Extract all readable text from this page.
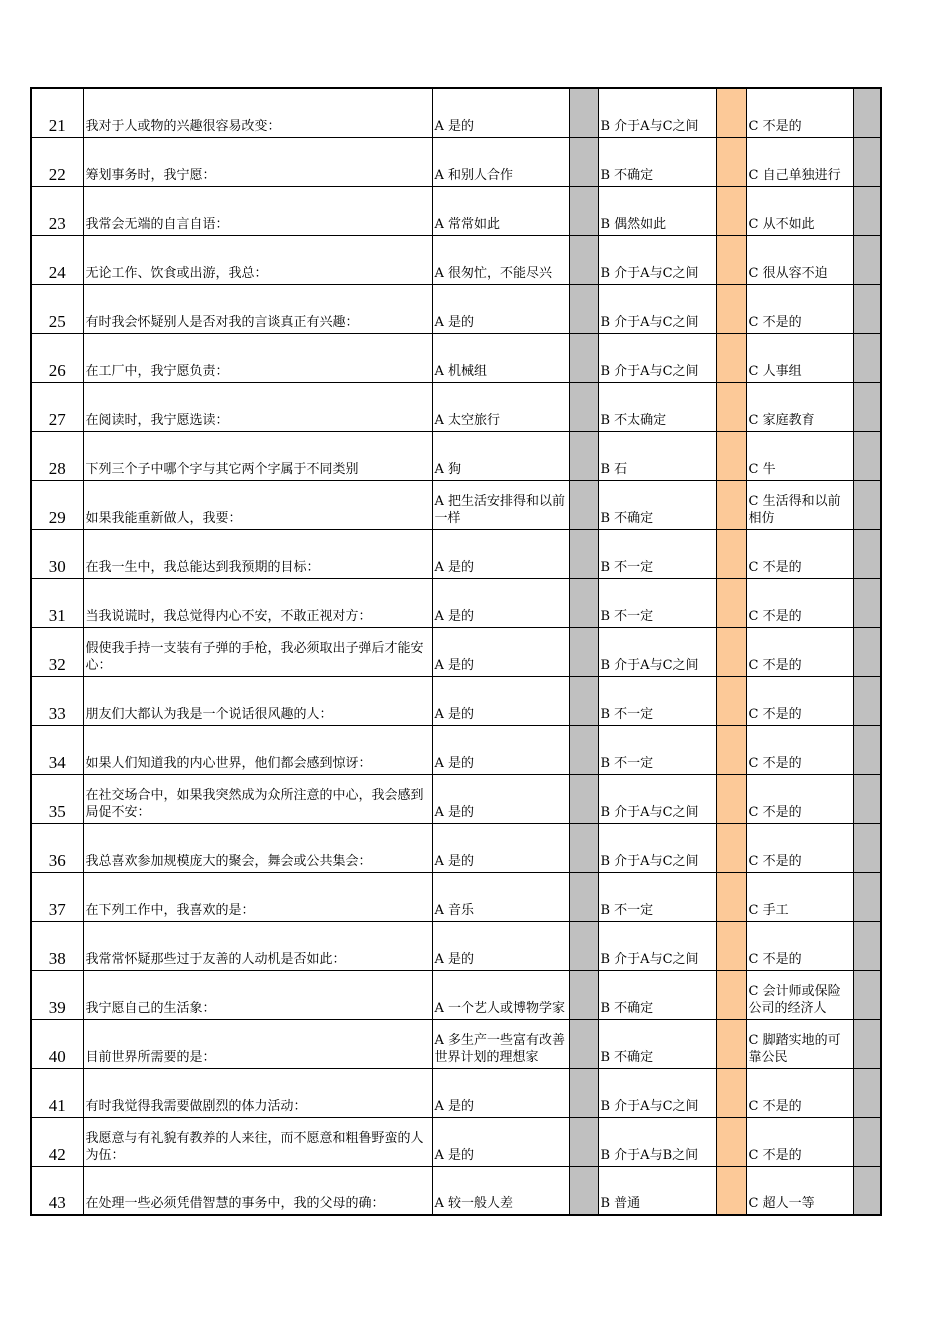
21	我对于人或物的兴趣很容易改变：	A 是的		B 介于A与C之间		C 不是的	
22	筹划事务时，我宁愿：	A 和别人合作		B 不确定		C 自己单独进行	
23	我常会无端的自言自语：	A 常常如此		B 偶然如此		C 从不如此	
24	无论工作、饮食或出游，我总：	A 很匆忙，不能尽兴		B 介于A与C之间		C 很从容不迫	
25	有时我会怀疑别人是否对我的言谈真正有兴趣：	A 是的		B 介于A与C之间		C 不是的	
26	在工厂中，我宁愿负责：	A 机械组		B 介于A与C之间		C 人事组	
27	在阅读时，我宁愿选读：	A 太空旅行		B 不太确定		C 家庭教育	
28	下列三个子中哪个字与其它两个字属于不同类别	A 狗		B 石		C 牛	
29	如果我能重新做人，我要：	A 把生活安排得和以前一样		B 不确定		C 生活得和以前相仿	
30	在我一生中，我总能达到我预期的目标：	A 是的		B 不一定		C 不是的	
31	当我说谎时，我总觉得内心不安，不敢正视对方：	A 是的		B 不一定		C 不是的	
32	假使我手持一支装有子弹的手枪，我必须取出子弹后才能安心：	A 是的		B 介于A与C之间		C 不是的	
33	朋友们大都认为我是一个说话很风趣的人：	A 是的		B 不一定		C 不是的	
34	如果人们知道我的内心世界，他们都会感到惊讶：	A 是的		B 不一定		C 不是的	
35	在社交场合中，如果我突然成为众所注意的中心，我会感到局促不安：	A 是的		B 介于A与C之间		C 不是的	
36	我总喜欢参加规模庞大的聚会，舞会或公共集会：	A 是的		B 介于A与C之间		C 不是的	
37	在下列工作中，我喜欢的是：	A 音乐		B 不一定		C 手工	
38	我常常怀疑那些过于友善的人动机是否如此：	A 是的		B 介于A与C之间		C 不是的	
39	我宁愿自己的生活象：	A 一个艺人或博物学家		B 不确定		C 会计师或保险公司的经济人	
40	目前世界所需要的是：	A 多生产一些富有改善世界计划的理想家		B 不确定		C 脚踏实地的可靠公民	
41	有时我觉得我需要做剧烈的体力活动：	A 是的		B 介于A与C之间		C 不是的	
42	我愿意与有礼貌有教养的人来往，而不愿意和粗鲁野蛮的人为伍：	A 是的		B 介于A与B之间		C 不是的	
43	在处理一些必须凭借智慧的事务中，我的父母的确：	A 较一般人差		B 普通		C 超人一等	
